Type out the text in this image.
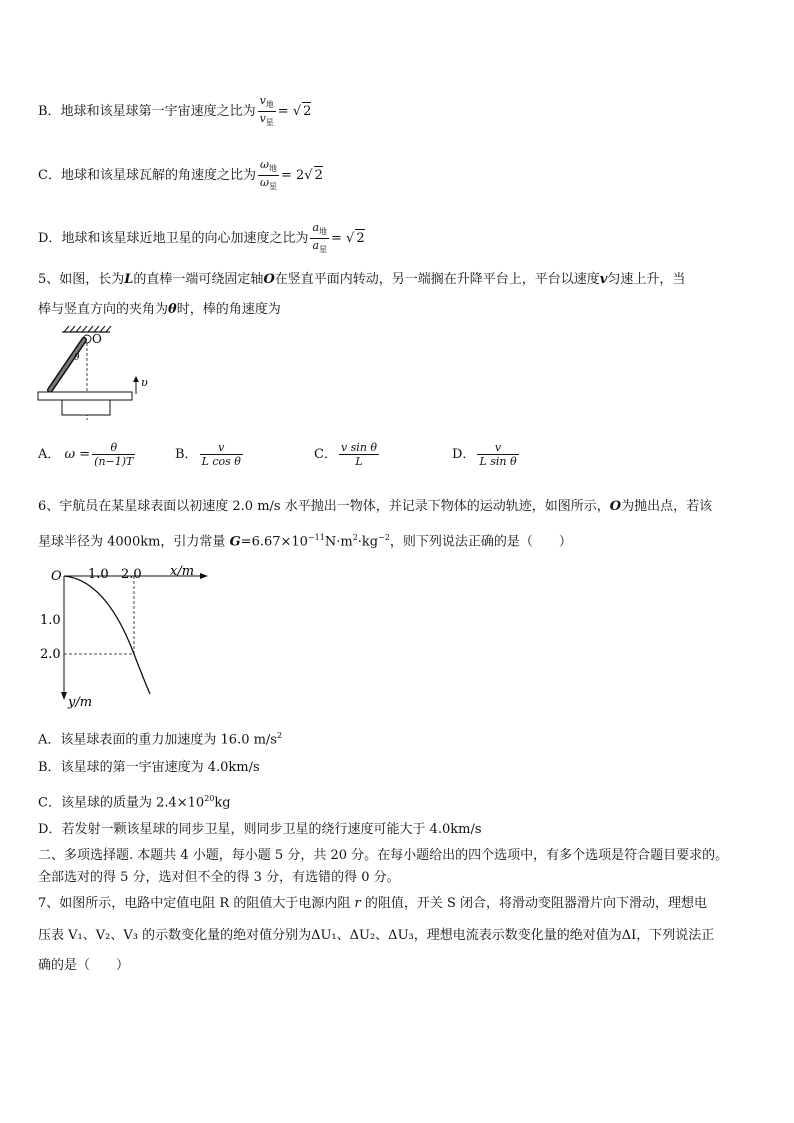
B．地球和该星球第一宇宙速度之比为 $\frac{v_地}{v_星}$ = √ 2
C．地球和该星球瓦解的角速度之比为 $\frac{\omega_地}{\omega_星} = 2√$ 2
D．地球和该星球近地卫星的向心加速度之比为 $\frac{a_地}{a_星}$ = √ 2
5、如图，长为L的直棒一端可绕固定轴O在竖直平面内转动，另一端搁在升降平台上，平台以速度v匀速上升，当
棒与竖直方向的夹角为θ时，棒的角速度为
O
θ
υ
A． $\omega = \frac{\theta}{(n-1)T}$	B． $\frac{v}{\text{L cos θ}}$	C． $\frac{\text{v sin θ}}{L}$	D． $\frac{v}{\text{L sin θ}}$
6、宇航员在某星球表面以初速度 2.0 m/s 水平抛出一物体，并记录下物体的运动轨迹，如图所示，O为抛出点，若该
星球半径为 4000km，引力常量 $G=6.67\times 10^{-11}N\cdot m^2\cdot kg^{-2}$，则下列说法正确的是（　　）
O 1.0 2.0 x/m
1.0
2.0
y/m
A．该星球表面的重力加速度为 16.0 $m/s^2$
B．该星球的第一宇宙速度为 4.0km/s
C．该星球的质量为 $2.4\times 10^{20}kg$
D．若发射一颗该星球的同步卫星，则同步卫星的绕行速度可能大于 4.0km/s
二、多项选择题. 本题共 4 小题，每小题 5 分，共 20 分。在每小题给出的四个选项中，有多个选项是符合题目要求的。
全部选对的得 5 分，选对但不全的得 3 分，有选错的得 0 分。
7、如图所示，电路中定值电阻 R 的阻值大于电源内阻 r 的阻值，开关 S 闭合，将滑动变阻器滑片向下滑动，理想电
压表 V₁、V₂、V₃ 的示数变化量的绝对值分别为ΔU₁、ΔU₂、ΔU₃，理想电流表示数变化量的绝对值为ΔI，下列说法正
确的是（　　）
